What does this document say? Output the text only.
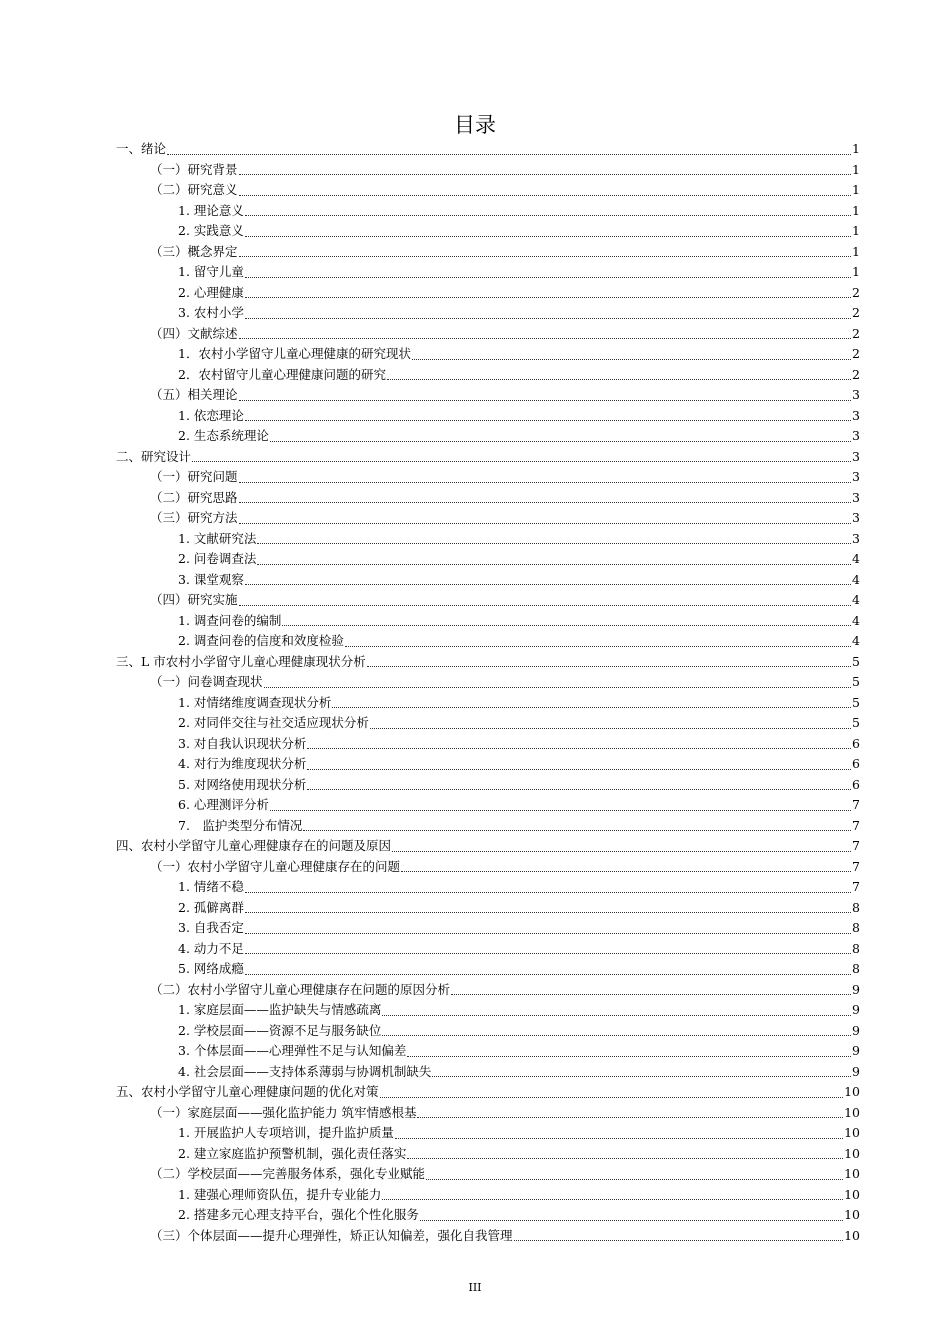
目录
一、绪论	1
（一）研究背景	1
（二）研究意义	1
1. 理论意义	1
2. 实践意义	1
（三）概念界定	1
1. 留守儿童	1
2. 心理健康	2
3. 农村小学	2
（四）文献综述	2
1．农村小学留守儿童心理健康的研究现状	2
2．农村留守儿童心理健康问题的研究	2
（五）相关理论	3
1. 依恋理论	3
2. 生态系统理论	3
二、研究设计	3
（一）研究问题	3
（二）研究思路	3
（三）研究方法	3
1. 文献研究法	3
2. 问卷调查法	4
3. 课堂观察	4
（四）研究实施	4
1. 调查问卷的编制	4
2. 调查问卷的信度和效度检验	4
三、L 市农村小学留守儿童心理健康现状分析	5
（一）问卷调查现状	5
1. 对情绪维度调查现状分析	5
2. 对同伴交往与社交适应现状分析	5
3. 对自我认识现状分析	6
4. 对行为维度现状分析	6
5. 对网络使用现状分析	6
6. 心理测评分析	7
7.　监护类型分布情况	7
四、农村小学留守儿童心理健康存在的问题及原因	7
（一）农村小学留守儿童心理健康存在的问题	7
1. 情绪不稳	7
2. 孤僻离群	8
3. 自我否定	8
4. 动力不足	8
5. 网络成瘾	8
（二）农村小学留守儿童心理健康存在问题的原因分析	9
1. 家庭层面——监护缺失与情感疏离	9
2. 学校层面——资源不足与服务缺位	9
3. 个体层面——心理弹性不足与认知偏差	9
4. 社会层面——支持体系薄弱与协调机制缺失	9
五、农村小学留守儿童心理健康问题的优化对策	10
（一）家庭层面——强化监护能力 筑牢情感根基	10
1. 开展监护人专项培训，提升监护质量	10
2. 建立家庭监护预警机制，强化责任落实	10
（二）学校层面——完善服务体系，强化专业赋能	10
1. 建强心理师资队伍，提升专业能力	10
2. 搭建多元心理支持平台，强化个性化服务	10
（三）个体层面——提升心理弹性，矫正认知偏差，强化自我管理	10
III
